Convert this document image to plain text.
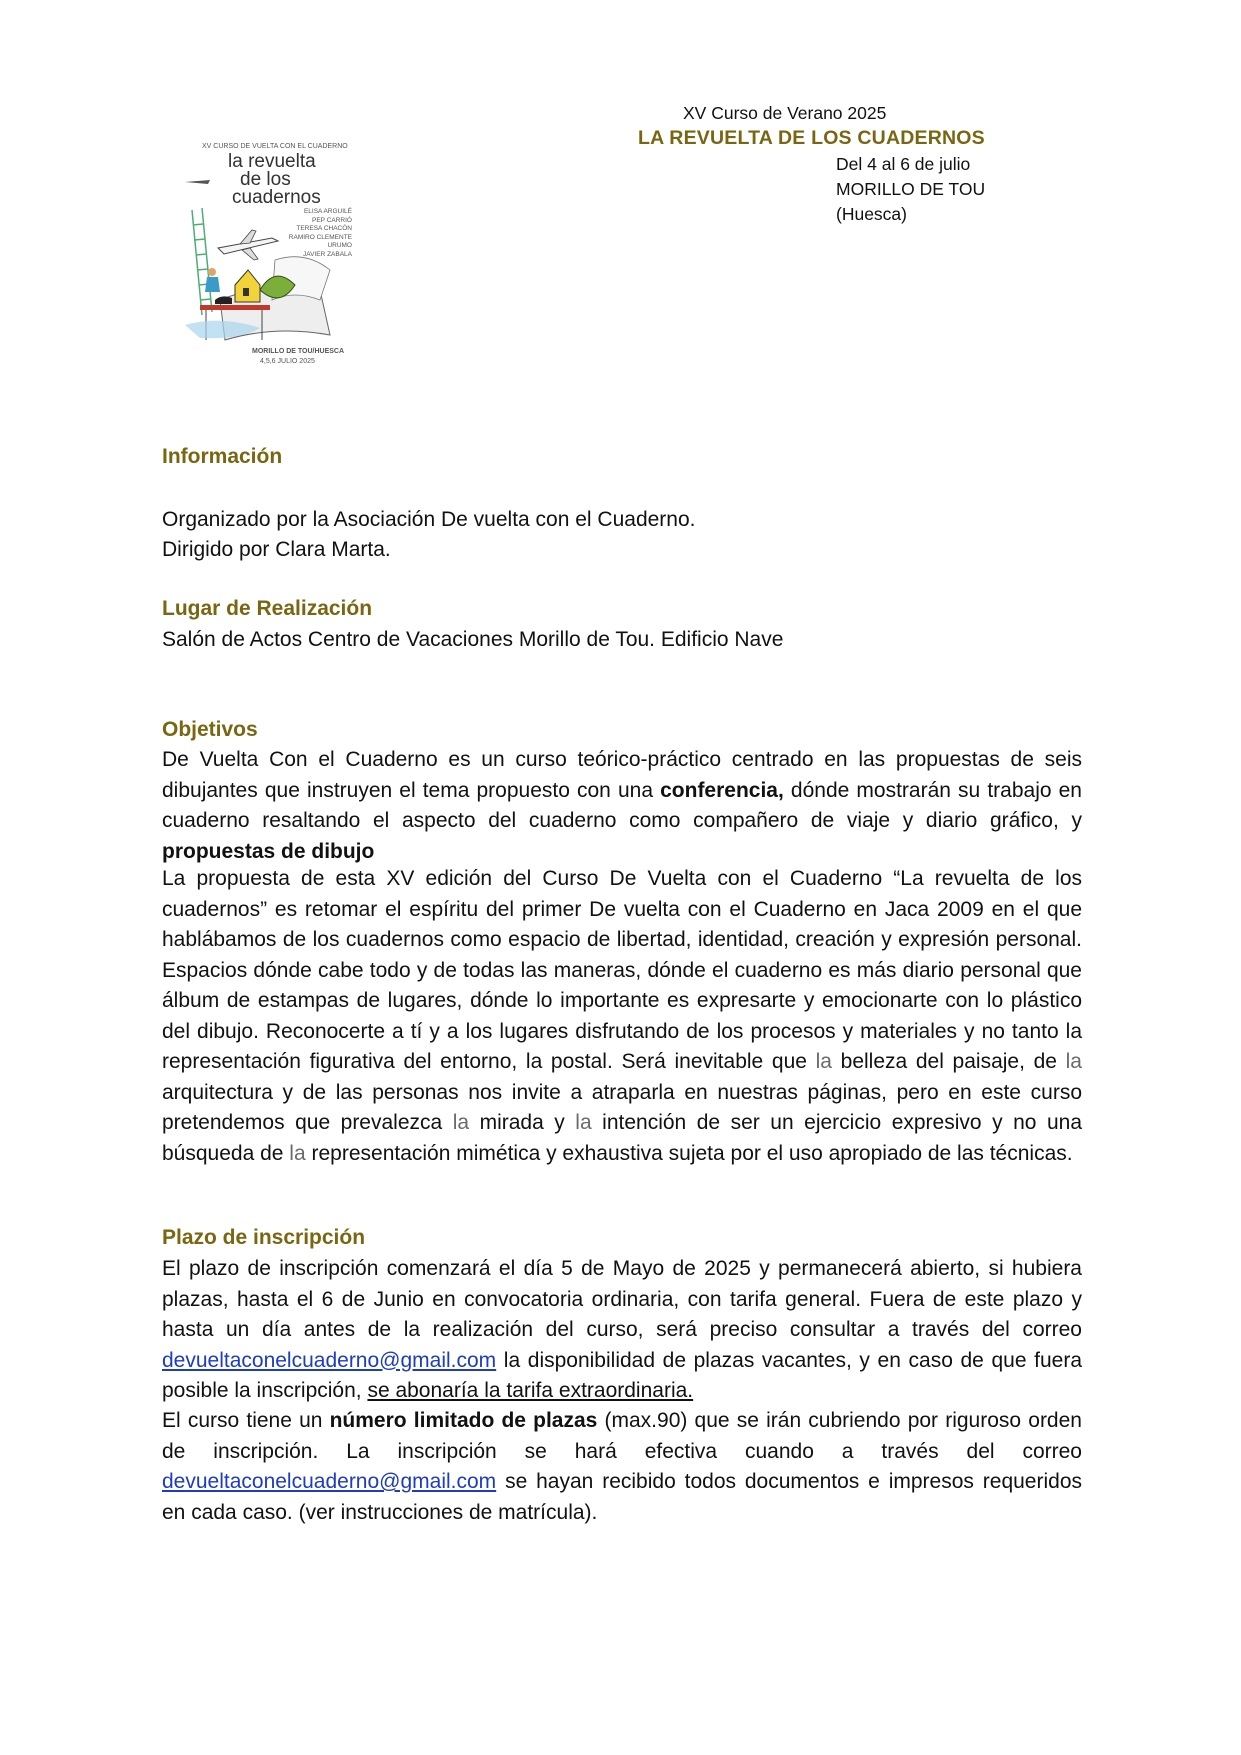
XV Curso de Verano 2025
LA REVUELTA DE LOS CUADERNOS
Del 4 al 6 de julio
MORILLO DE TOU
(Huesca)
XV CURSO DE VUELTA CON EL CUADERNO
la revuelta
de los
cuadernos
ELISA ARGUILÉ
PEP CARRIÓ
TERESA CHACÓN
RAMIRO CLEMENTE
URUMO
JAVIER ZABALA
MORILLO DE TOU/HUESCA
4,5,6 JULIO 2025
Información
Organizado por la Asociación De vuelta con el Cuaderno.
Dirigido por Clara Marta.
Lugar de Realización
Salón de Actos Centro de Vacaciones Morillo de Tou. Edificio Nave
Objetivos
De Vuelta Con el Cuaderno es un curso teórico-práctico centrado en las propuestas de seis dibujantes que instruyen el tema propuesto con una conferencia, dónde mostrarán su trabajo en cuaderno resaltando el aspecto del cuaderno como compañero de viaje y diario gráfico, y propuestas de dibujo
La propuesta de esta XV edición del Curso De Vuelta con el Cuaderno “La revuelta de los cuadernos” es retomar el espíritu del primer De vuelta con el Cuaderno en Jaca 2009 en el que hablábamos de los cuadernos como espacio de libertad, identidad, creación y expresión personal. Espacios dónde cabe todo y de todas las maneras, dónde el cuaderno es más diario personal que álbum de estampas de lugares, dónde lo importante es expresarte y emocionarte con lo plástico del dibujo. Reconocerte a tí y a los lugares disfrutando de los procesos y materiales y no tanto la representación figurativa del entorno, la postal. Será inevitable que la belleza del paisaje, de la arquitectura y de las personas nos invite a atraparla en nuestras páginas, pero en este curso pretendemos que prevalezca la mirada y la intención de ser un ejercicio expresivo y no una búsqueda de la representación mimética y exhaustiva sujeta por el uso apropiado de las técnicas.
Plazo de inscripción
El plazo de inscripción comenzará el día 5 de Mayo de 2025 y permanecerá abierto, si hubiera plazas, hasta el 6 de Junio en convocatoria ordinaria, con tarifa general. Fuera de este plazo y hasta un día antes de la realización del curso, será preciso consultar a través del correo devueltaconelcuaderno@gmail.com la disponibilidad de plazas vacantes, y en caso de que fuera posible la inscripción, se abonaría la tarifa extraordinaria.
El curso tiene un número limitado de plazas (max.90) que se irán cubriendo por riguroso orden de inscripción. La inscripción se hará efectiva cuando a través del correo devueltaconelcuaderno@gmail.com se hayan recibido todos documentos e impresos requeridos en cada caso. (ver instrucciones de matrícula).
